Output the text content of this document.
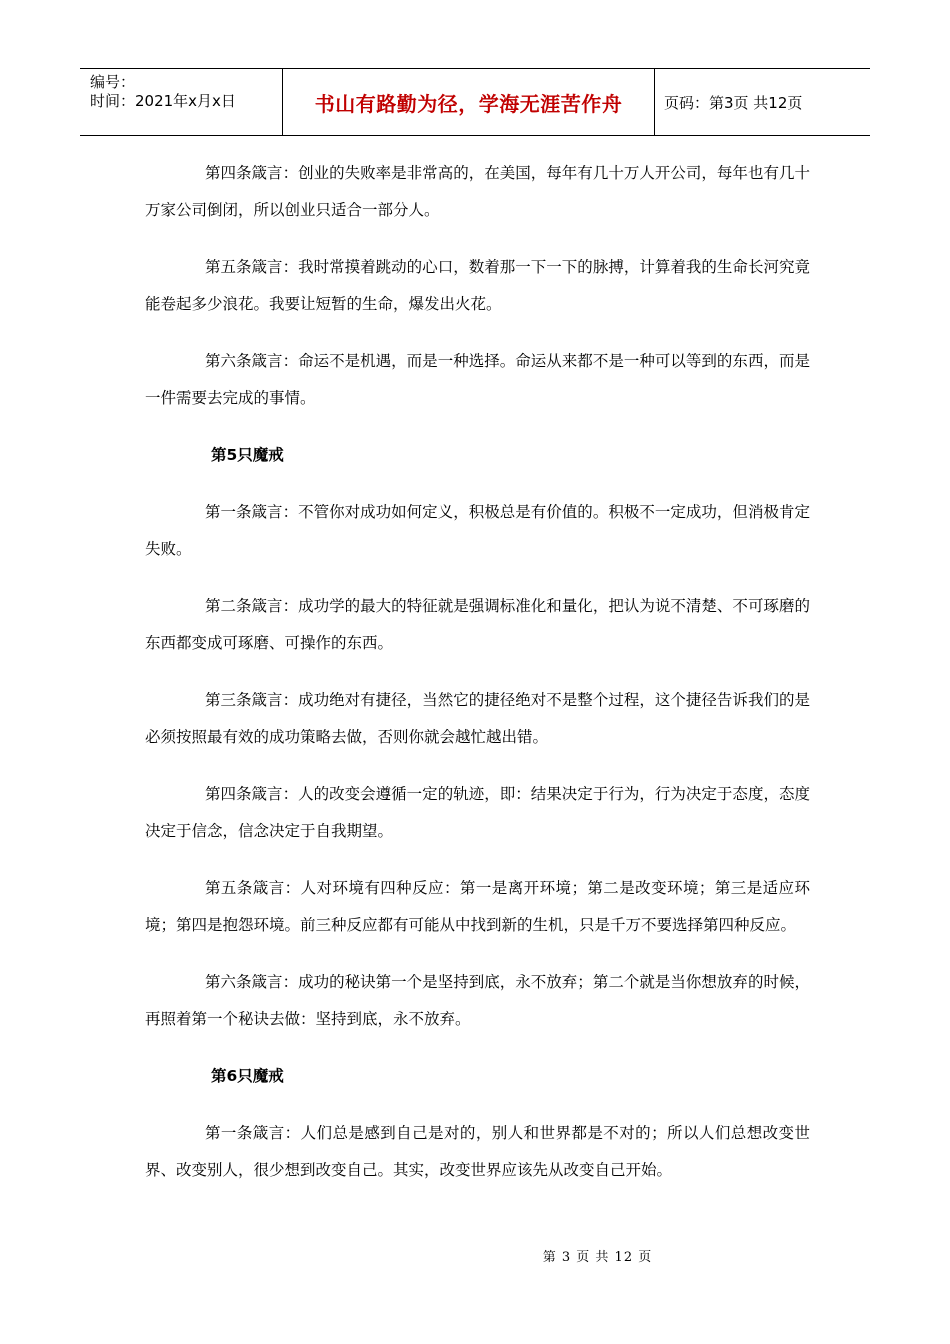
编号：
时间：2021年x月x日	书山有路勤为径，学海无涯苦作舟	页码：第3页 共12页

第四条箴言：创业的失败率是非常高的，在美国，每年有几十万人开公司，每年也有几十万家公司倒闭，所以创业只适合一部分人。

第五条箴言：我时常摸着跳动的心口，数着那一下一下的脉搏，计算着我的生命长河究竟能卷起多少浪花。我要让短暂的生命，爆发出火花。

第六条箴言：命运不是机遇，而是一种选择。命运从来都不是一种可以等到的东西，而是一件需要去完成的事情。

第5只魔戒

第一条箴言：不管你对成功如何定义，积极总是有价值的。积极不一定成功，但消极肯定失败。

第二条箴言：成功学的最大的特征就是强调标准化和量化，把认为说不清楚、不可琢磨的东西都变成可琢磨、可操作的东西。

第三条箴言：成功绝对有捷径，当然它的捷径绝对不是整个过程，这个捷径告诉我们的是必须按照最有效的成功策略去做，否则你就会越忙越出错。

第四条箴言：人的改变会遵循一定的轨迹，即：结果决定于行为，行为决定于态度，态度决定于信念，信念决定于自我期望。

第五条箴言：人对环境有四种反应：第一是离开环境；第二是改变环境；第三是适应环境；第四是抱怨环境。前三种反应都有可能从中找到新的生机，只是千万不要选择第四种反应。

第六条箴言：成功的秘诀第一个是坚持到底，永不放弃；第二个就是当你想放弃的时候，再照着第一个秘诀去做：坚持到底，永不放弃。

第6只魔戒

第一条箴言：人们总是感到自己是对的，别人和世界都是不对的；所以人们总想改变世界、改变别人，很少想到改变自己。其实，改变世界应该先从改变自己开始。

第 3 页 共 12 页
